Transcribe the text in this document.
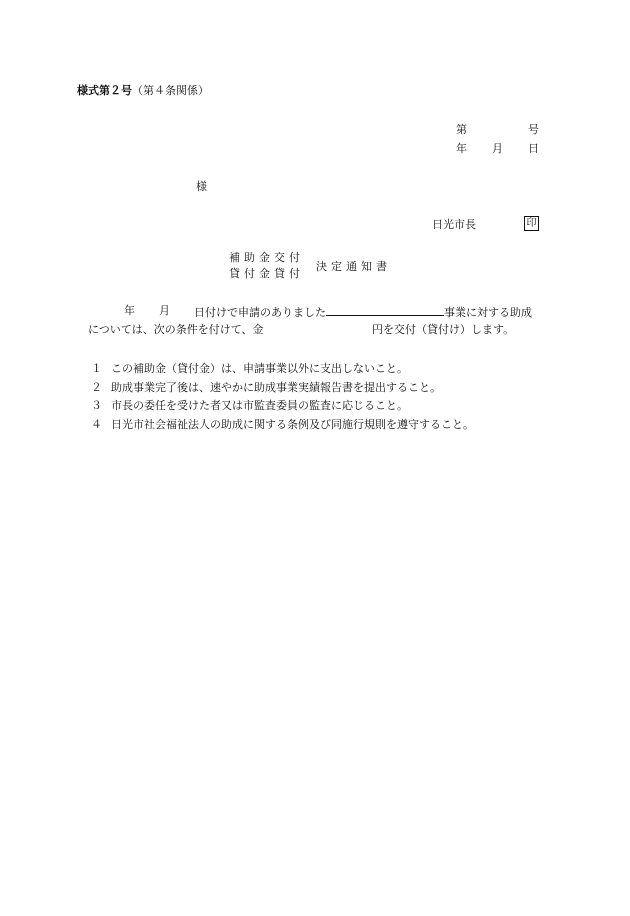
様式第２号（第４条関係）
第	号
年 月 日
様
日光市長	印
補助金交付
貸付金貸付
決定通知書
年 月 日付けで申請のありました	事業に対する助成
については、次の条件を付けて、金	円を交付（貸付け）します。
１ この補助金（貸付金）は、申請事業以外に支出しないこと。
２ 助成事業完了後は、速やかに助成事業実績報告書を提出すること。
３ 市長の委任を受けた者又は市監査委員の監査に応じること。
４ 日光市社会福祉法人の助成に関する条例及び同施行規則を遵守すること。
